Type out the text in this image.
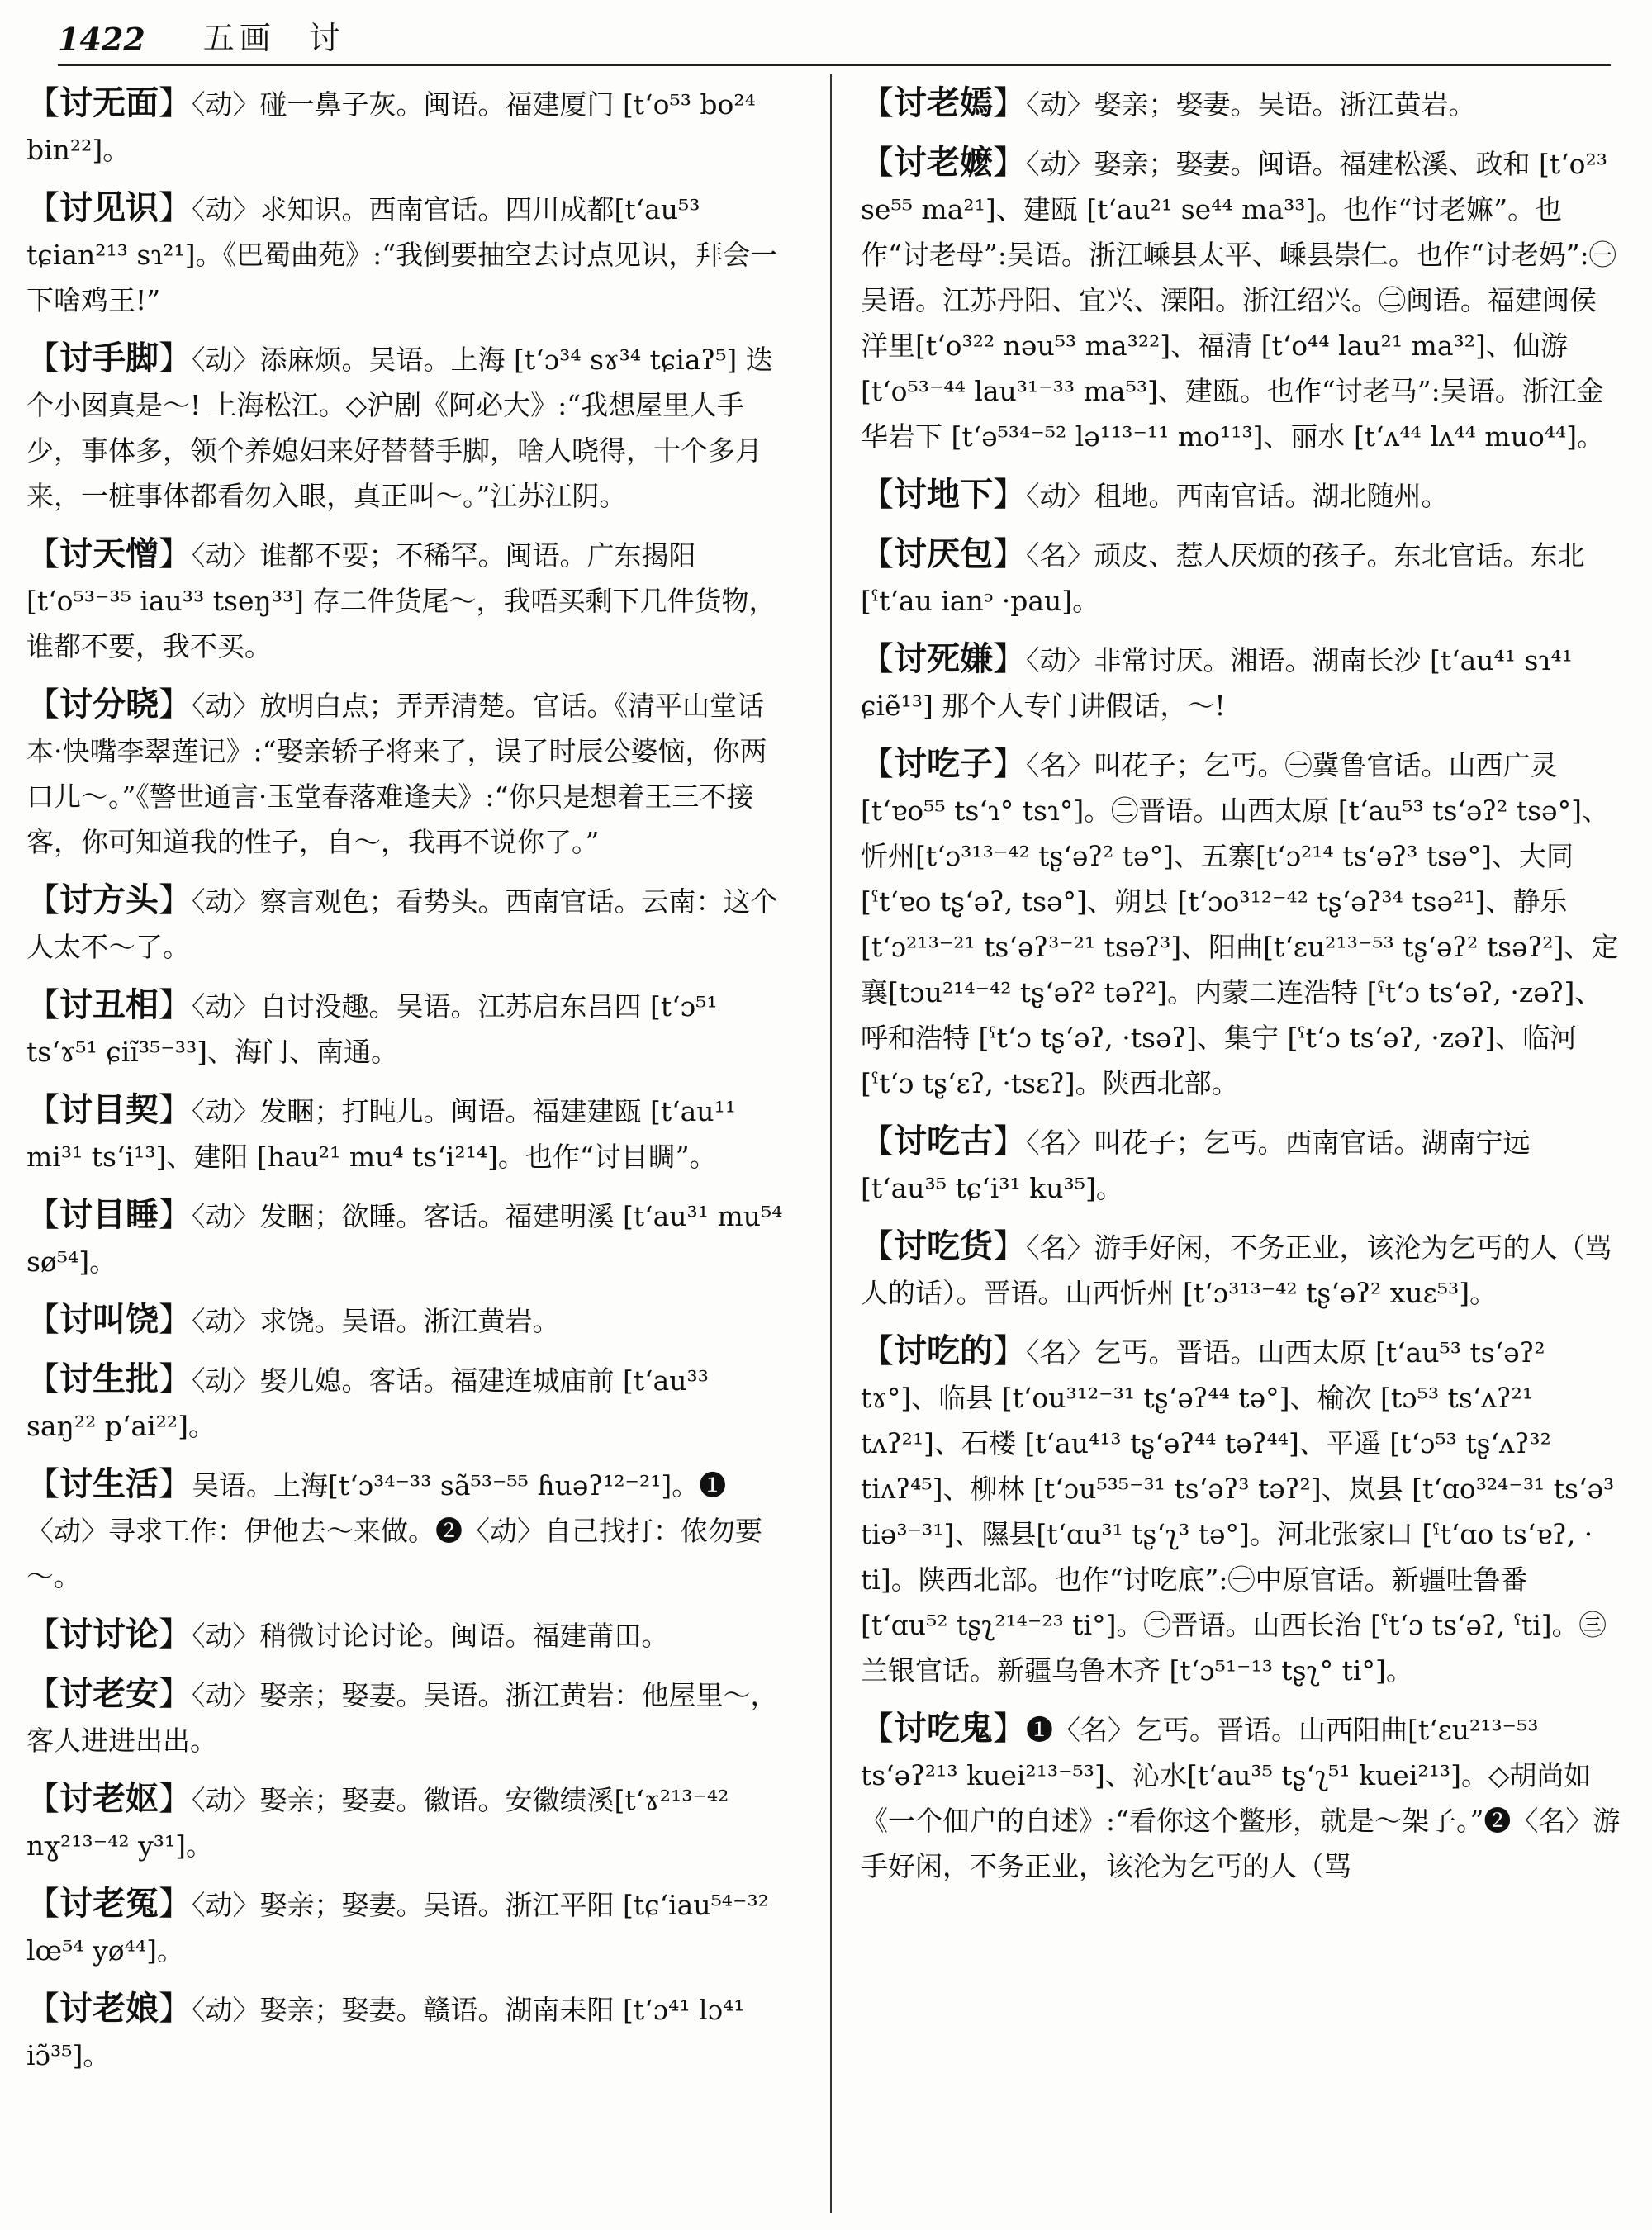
1422 五画 讨
【 讨无面 】 〈动〉碰一鼻子灰。闽语。福建厦门 [t‘o⁵³ bo²⁴ bin²²]。
【 讨见识 】 〈动〉求知识。西南官话。四川成都[t‘au⁵³ tɕian²¹³ sɿ²¹]。《巴蜀曲苑》:“我倒要抽空去讨点见识，拜会一下啥鸡王!”
【 讨手脚 】 〈动〉添麻烦。吴语。上海 [t‘ɔ³⁴ sɤ³⁴ tɕiaʔ⁵] 迭个小囡真是～! 上海松江。◇沪剧《阿必大》:“我想屋里人手少，事体多，领个养媳妇来好替替手脚，啥人晓得，十个多月来，一桩事体都看勿入眼，真正叫～。”江苏江阴。
【 讨天憎 】 〈动〉谁都不要；不稀罕。闽语。广东揭阳 [t‘o⁵³⁻³⁵ iau³³ tseŋ³³] 存二件货尾～，我唔买剩下几件货物，谁都不要，我不买。
【 讨分晓 】 〈动〉放明白点；弄弄清楚。官话。《清平山堂话本·快嘴李翠莲记》:“娶亲轿子将来了，误了时辰公婆恼，你两口儿～。”《警世通言·玉堂春落难逢夫》:“你只是想着王三不接客，你可知道我的性子，自～，我再不说你了。”
【 讨方头 】 〈动〉察言观色；看势头。西南官话。云南：这个人太不～了。
【 讨丑相 】 〈动〉自讨没趣。吴语。江苏启东吕四 [t‘ɔ⁵¹ ts‘ɤ⁵¹ ɕiĩ³⁵⁻³³]、海门、南通。
【 讨目契 】 〈动〉发睏；打盹儿。闽语。福建建瓯 [t‘au¹¹ mi³¹ ts‘i¹³]、建阳 [hau²¹ mu⁴ ts‘i²¹⁴]。也作“讨目睭”。
【 讨目睡 】 〈动〉发睏；欲睡。客话。福建明溪 [t‘au³¹ mu⁵⁴ sø⁵⁴]。
【 讨叫饶 】 〈动〉求饶。吴语。浙江黄岩。
【 讨生批 】 〈动〉娶儿媳。客话。福建连城庙前 [t‘au³³ saŋ²² p‘ai²²]。
【 讨生活 】 吴语。上海[t‘ɔ³⁴⁻³³ sã⁵³⁻⁵⁵ ɦuəʔ¹²⁻²¹]。❶〈动〉寻求工作：伊他去～来做。❷〈动〉自己找打：侬勿要～。
【 讨讨论 】 〈动〉稍微讨论讨论。闽语。福建莆田。
【 讨老安 】 〈动〉娶亲；娶妻。吴语。浙江黄岩：他屋里～，客人进进出出。
【 讨老妪 】 〈动〉娶亲；娶妻。徽语。安徽绩溪[t‘ɤ²¹³⁻⁴² nɣ²¹³⁻⁴² y³¹]。
【 讨老冤 】 〈动〉娶亲；娶妻。吴语。浙江平阳 [tɕ‘iau⁵⁴⁻³² lœ⁵⁴ yø⁴⁴]。
【 讨老娘 】 〈动〉娶亲；娶妻。赣语。湖南耒阳 [t‘ɔ⁴¹ lɔ⁴¹ iɔ̃³⁵]。
【 讨老嫣 】 〈动〉娶亲；娶妻。吴语。浙江黄岩。
【 讨老嬷 】 〈动〉娶亲；娶妻。闽语。福建松溪、政和 [t‘o²³ se⁵⁵ ma²¹]、建瓯 [t‘au²¹ se⁴⁴ ma³³]。也作“讨老嫲”。也作“讨老母”:吴语。浙江嵊县太平、嵊县崇仁。也作“讨老妈”:㊀吴语。江苏丹阳、宜兴、溧阳。浙江绍兴。㊁闽语。福建闽侯洋里[t‘o³²² nəu⁵³ ma³²²]、福清 [t‘o⁴⁴ lau²¹ ma³²]、仙游 [t‘o⁵³⁻⁴⁴ lau³¹⁻³³ ma⁵³]、建瓯。也作“讨老马”:吴语。浙江金华岩下 [t‘ə⁵³⁴⁻⁵² lə¹¹³⁻¹¹ mo¹¹³]、丽水 [t‘ʌ⁴⁴ lʌ⁴⁴ muo⁴⁴]。
【 讨地下 】 〈动〉租地。西南官话。湖北随州。
【 讨厌包 】 〈名〉顽皮、惹人厌烦的孩子。东北官话。东北 [ˤt‘au ianᵓ ·pau]。
【 讨死嫌 】 〈动〉非常讨厌。湘语。湖南长沙 [t‘au⁴¹ sɿ⁴¹ ɕiẽ¹³] 那个人专门讲假话，～!
【 讨吃子 】 〈名〉叫花子；乞丐。㊀冀鲁官话。山西广灵 [t‘ɐo⁵⁵ ts‘ɿ° tsɿ°]。㊁晋语。山西太原 [t‘au⁵³ ts‘əʔ² tsə°]、忻州[t‘ɔ³¹³⁻⁴² tʂ‘əʔ² tə°]、五寨[t‘ɔ²¹⁴ ts‘əʔ³ tsə°]、大同 [ˤt‘ɐo tʂ‘əʔ, tsə°]、朔县 [t‘ɔo³¹²⁻⁴² tʂ‘əʔ³⁴ tsə²¹]、静乐 [t‘ɔ²¹³⁻²¹ ts‘əʔ³⁻²¹ tsəʔ³]、阳曲[t‘ɛu²¹³⁻⁵³ tʂ‘əʔ² tsəʔ²]、定襄[tɔu²¹⁴⁻⁴² tʂ‘əʔ² təʔ²]。内蒙二连浩特 [ˤt‘ɔ ts‘əʔ, ·zəʔ]、呼和浩特 [ˤt‘ɔ tʂ‘əʔ, ·tsəʔ]、集宁 [ˤt‘ɔ ts‘əʔ, ·zəʔ]、临河 [ˤt‘ɔ tʂ‘ɛʔ, ·tsɛʔ]。陕西北部。
【 讨吃古 】 〈名〉叫花子；乞丐。西南官话。湖南宁远 [t‘au³⁵ tɕ‘i³¹ ku³⁵]。
【 讨吃货 】 〈名〉游手好闲，不务正业，该沦为乞丐的人（骂人的话）。晋语。山西忻州 [t‘ɔ³¹³⁻⁴² tʂ‘əʔ² xuɛ⁵³]。
【 讨吃的 】 〈名〉乞丐。晋语。山西太原 [t‘au⁵³ ts‘əʔ² tɤ°]、临县 [t‘ou³¹²⁻³¹ tʂ‘əʔ⁴⁴ tə°]、榆次 [tɔ⁵³ ts‘ʌʔ²¹ tʌʔ²¹]、石楼 [t‘au⁴¹³ tʂ‘əʔ⁴⁴ təʔ⁴⁴]、平遥 [t‘ɔ⁵³ tʂ‘ʌʔ³² tiʌʔ⁴⁵]、柳林 [t‘ɔu⁵³⁵⁻³¹ ts‘əʔ³ təʔ²]、岚县 [t‘ɑo³²⁴⁻³¹ ts‘ə³ tiə³⁻³¹]、隰县[t‘ɑu³¹ tʂ‘ʅ³ tə°]。河北张家口 [ˤt‘ɑo ts‘ɐʔ, · ti]。陕西北部。也作“讨吃底”:㊀中原官话。新疆吐鲁番 [t‘ɑu⁵² tʂʅ²¹⁴⁻²³ ti°]。㊁晋语。山西长治 [ˤt‘ɔ ts‘əʔ, ˤti]。㊂兰银官话。新疆乌鲁木齐 [t‘ɔ⁵¹⁻¹³ tʂʅ° ti°]。
【 讨吃鬼 】 ❶〈名〉乞丐。晋语。山西阳曲[t‘ɛu²¹³⁻⁵³ ts‘əʔ²¹³ kuei²¹³⁻⁵³]、沁水[t‘au³⁵ tʂ‘ʅ⁵¹ kuei²¹³]。◇胡尚如《一个佃户的自述》:“看你这个鳖形，就是～架子。”❷〈名〉游手好闲，不务正业，该沦为乞丐的人（骂
